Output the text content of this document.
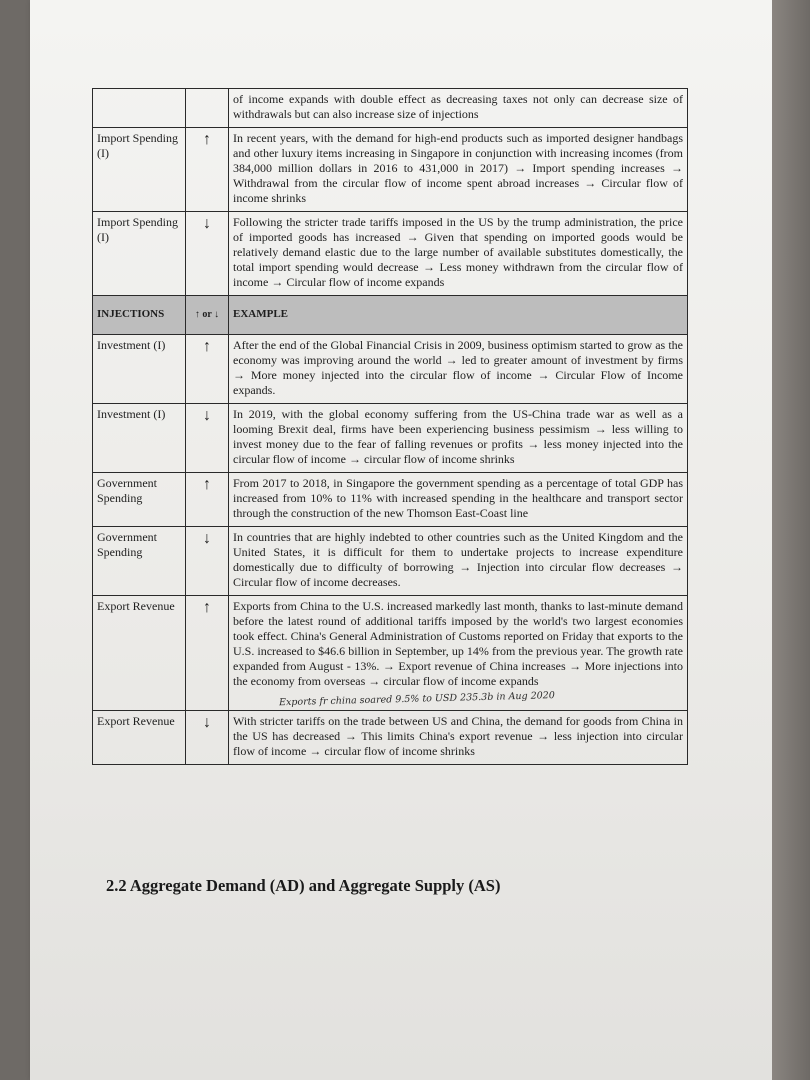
		of income expands with double effect as decreasing taxes not only can decrease size of withdrawals but can also increase size of injections
Import Spending (I)	↑	In recent years, with the demand for high-end products such as imported designer handbags and other luxury items increasing in Singapore in conjunction with increasing incomes (from 384,000 million dollars in 2016 to 431,000 in 2017) → Import spending increases → Withdrawal from the circular flow of income spent abroad increases → Circular flow of income shrinks
Import Spending (I)	↓	Following the stricter trade tariffs imposed in the US by the trump administration, the price of imported goods has increased → Given that spending on imported goods would be relatively demand elastic due to the large number of available substitutes domestically, the total import spending would decrease → Less money withdrawn from the circular flow of income → Circular flow of income expands
INJECTIONS	↑ or ↓	EXAMPLE
Investment (I)	↑	After the end of the Global Financial Crisis in 2009, business optimism started to grow as the economy was improving around the world → led to greater amount of investment by firms → More money injected into the circular flow of income → Circular Flow of Income expands.
Investment (I)	↓	In 2019, with the global economy suffering from the US-China trade war as well as a looming Brexit deal, firms have been experiencing business pessimism → less willing to invest money due to the fear of falling revenues or profits → less money injected into the circular flow of income → circular flow of income shrinks
Government Spending	↑	From 2017 to 2018, in Singapore the government spending as a percentage of total GDP has increased from 10% to 11% with increased spending in the healthcare and transport sector through the construction of the new Thomson East-Coast line
Government Spending	↓	In countries that are highly indebted to other countries such as the United Kingdom and the United States, it is difficult for them to undertake projects to increase expenditure domestically due to difficulty of borrowing → Injection into circular flow decreases → Circular flow of income decreases.
Export Revenue	↑	Exports from China to the U.S. increased markedly last month, thanks to last-minute demand before the latest round of additional tariffs imposed by the world's two largest economies took effect. China's General Administration of Customs reported on Friday that exports to the U.S. increased to $46.6 billion in September, up 14% from the previous year. The growth rate expanded from August - 13%. → Export revenue of China increases → More injections into the economy from overseas → circular flow of income expands
Exports fr china soared 9.5% to USD 235.3b in Aug 2020

Export Revenue	↓	With stricter tariffs on the trade between US and China, the demand for goods from China in the US has decreased → This limits China's export revenue → less injection into circular flow of income → circular flow of income shrinks
2.2 Aggregate Demand (AD) and Aggregate Supply (AS)
